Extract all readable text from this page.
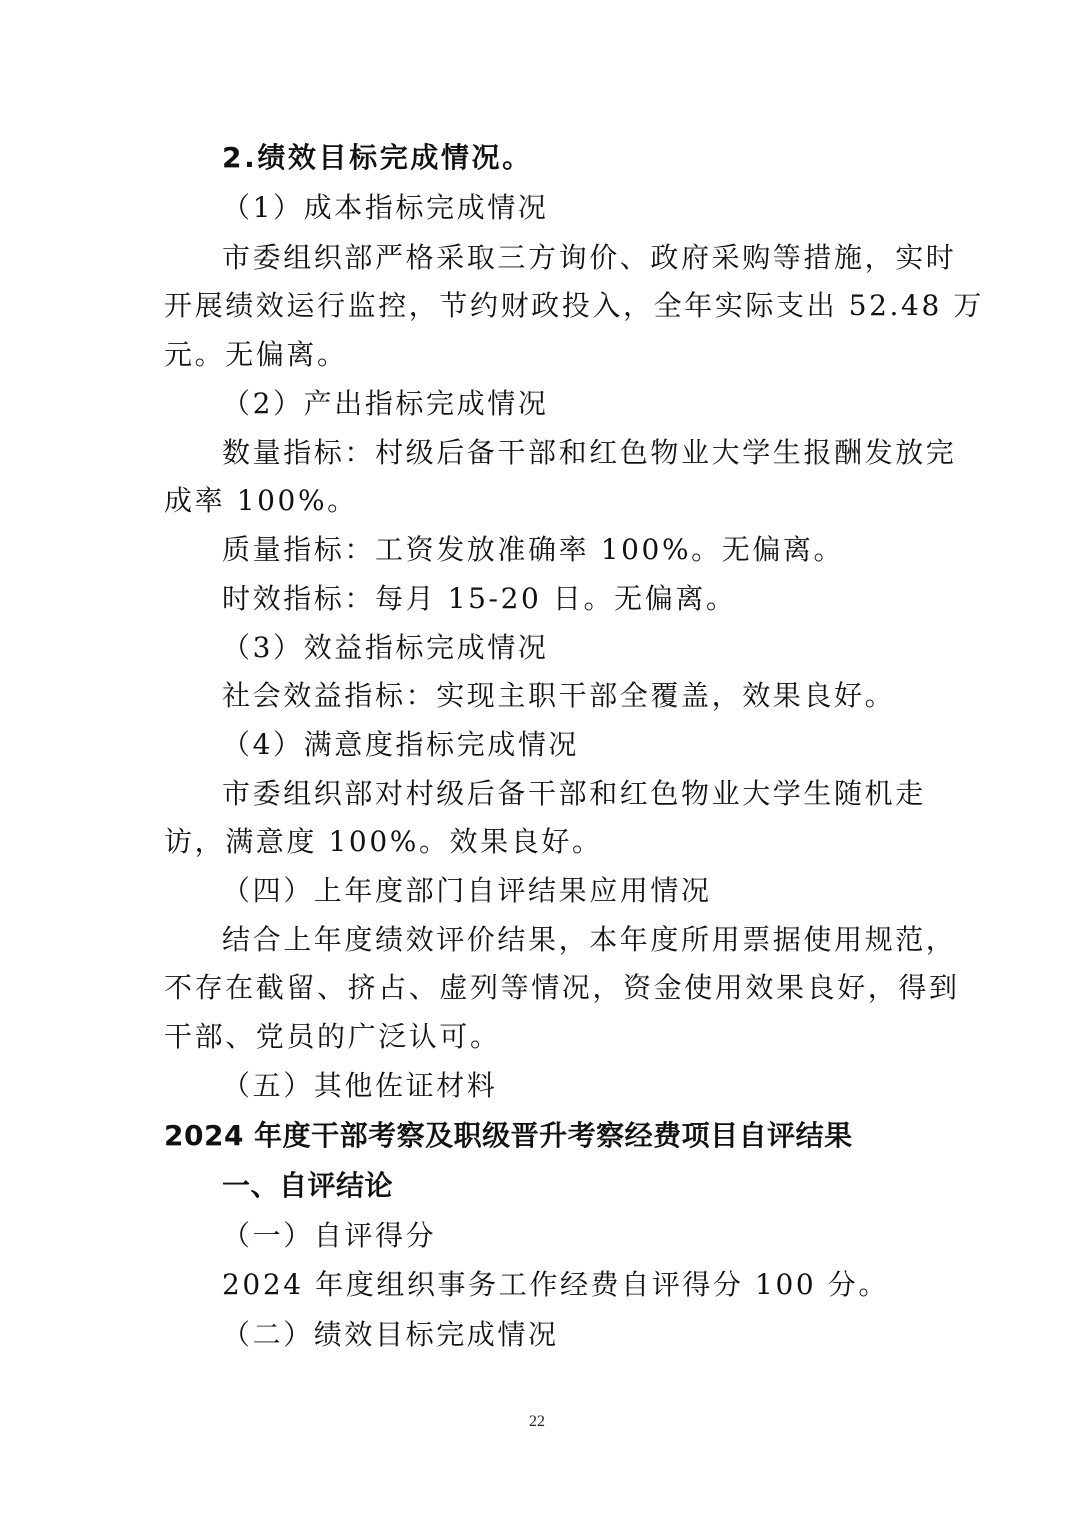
2.绩效目标完成情况。
（1）成本指标完成情况
市委组织部严格采取三方询价、政府采购等措施，实时
开展绩效运行监控，节约财政投入，全年实际支出 52.48 万
元。无偏离。
（2）产出指标完成情况
数量指标：村级后备干部和红色物业大学生报酬发放完
成率 100%。
质量指标：工资发放准确率 100%。无偏离。
时效指标：每月 15-20 日。无偏离。
（3）效益指标完成情况
社会效益指标：实现主职干部全覆盖，效果良好。
（4）满意度指标完成情况
市委组织部对村级后备干部和红色物业大学生随机走
访，满意度 100%。效果良好。
（四）上年度部门自评结果应用情况
结合上年度绩效评价结果，本年度所用票据使用规范，
不存在截留、挤占、虚列等情况，资金使用效果良好，得到
干部、党员的广泛认可。
（五）其他佐证材料
2024 年度干部考察及职级晋升考察经费项目自评结果
一、自评结论
（一）自评得分
2024 年度组织事务工作经费自评得分 100 分。
（二）绩效目标完成情况
22
